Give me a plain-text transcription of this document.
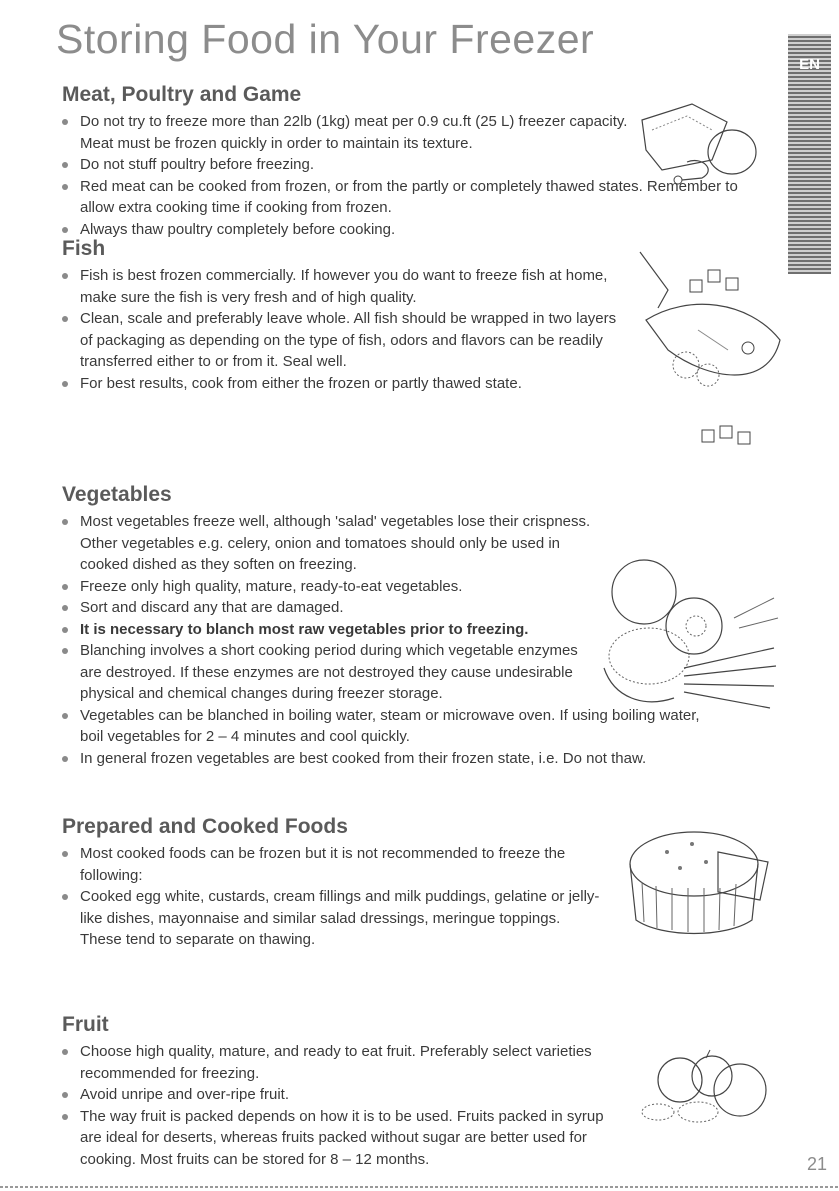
Storing Food in Your Freezer
EN
Meat, Poultry and Game
Do not try to freeze more than 22lb (1kg) meat per 0.9 cu.ft (25 L) freezer capacity. Meat must be frozen quickly in order to maintain its texture.
Do not stuff poultry before freezing.
Red meat can be cooked from frozen, or from the partly or completely thawed states. Remember to allow extra cooking time if cooking from frozen.
Always thaw poultry completely before cooking.
Fish
Fish is best frozen commercially. If however you do want to freeze fish at home, make sure the fish is very fresh and of high quality.
Clean, scale and preferably leave whole. All fish should be wrapped in two layers of packaging as depending on the type of fish, odors and flavors can be readily transferred either to or from it. Seal well.
For best results, cook from either the frozen or partly thawed state.
Vegetables
Most vegetables freeze well, although 'salad' vegetables lose their crispness. Other vegetables e.g. celery, onion and tomatoes should only be used in cooked dished as they soften on freezing.
Freeze only high quality, mature, ready-to-eat vegetables.
Sort and discard any that are damaged.
It is necessary to blanch most raw vegetables prior to freezing.
Blanching involves a short cooking period during which vegetable enzymes are destroyed. If these enzymes are not destroyed they cause undesirable physical and chemical changes during freezer storage.
Vegetables can be blanched in boiling water, steam or microwave oven. If using boiling water, boil vegetables for 2 – 4 minutes and cool quickly.
In general frozen vegetables are best cooked from their frozen state, i.e. Do not thaw.
Prepared and Cooked Foods
Most cooked foods can be frozen but it is not recommended to freeze the following:
Cooked egg white, custards, cream fillings and milk puddings, gelatine or jelly-like dishes, mayonnaise and similar salad dressings, meringue toppings. These tend to separate on thawing.
Fruit
Choose high quality, mature, and ready to eat fruit. Preferably select varieties recommended for freezing.
Avoid unripe and over-ripe fruit.
The way fruit is packed depends on how it is to be used. Fruits packed in syrup are ideal for deserts, whereas fruits packed without sugar are better used for cooking. Most fruits can be stored for 8 – 12 months.	21
